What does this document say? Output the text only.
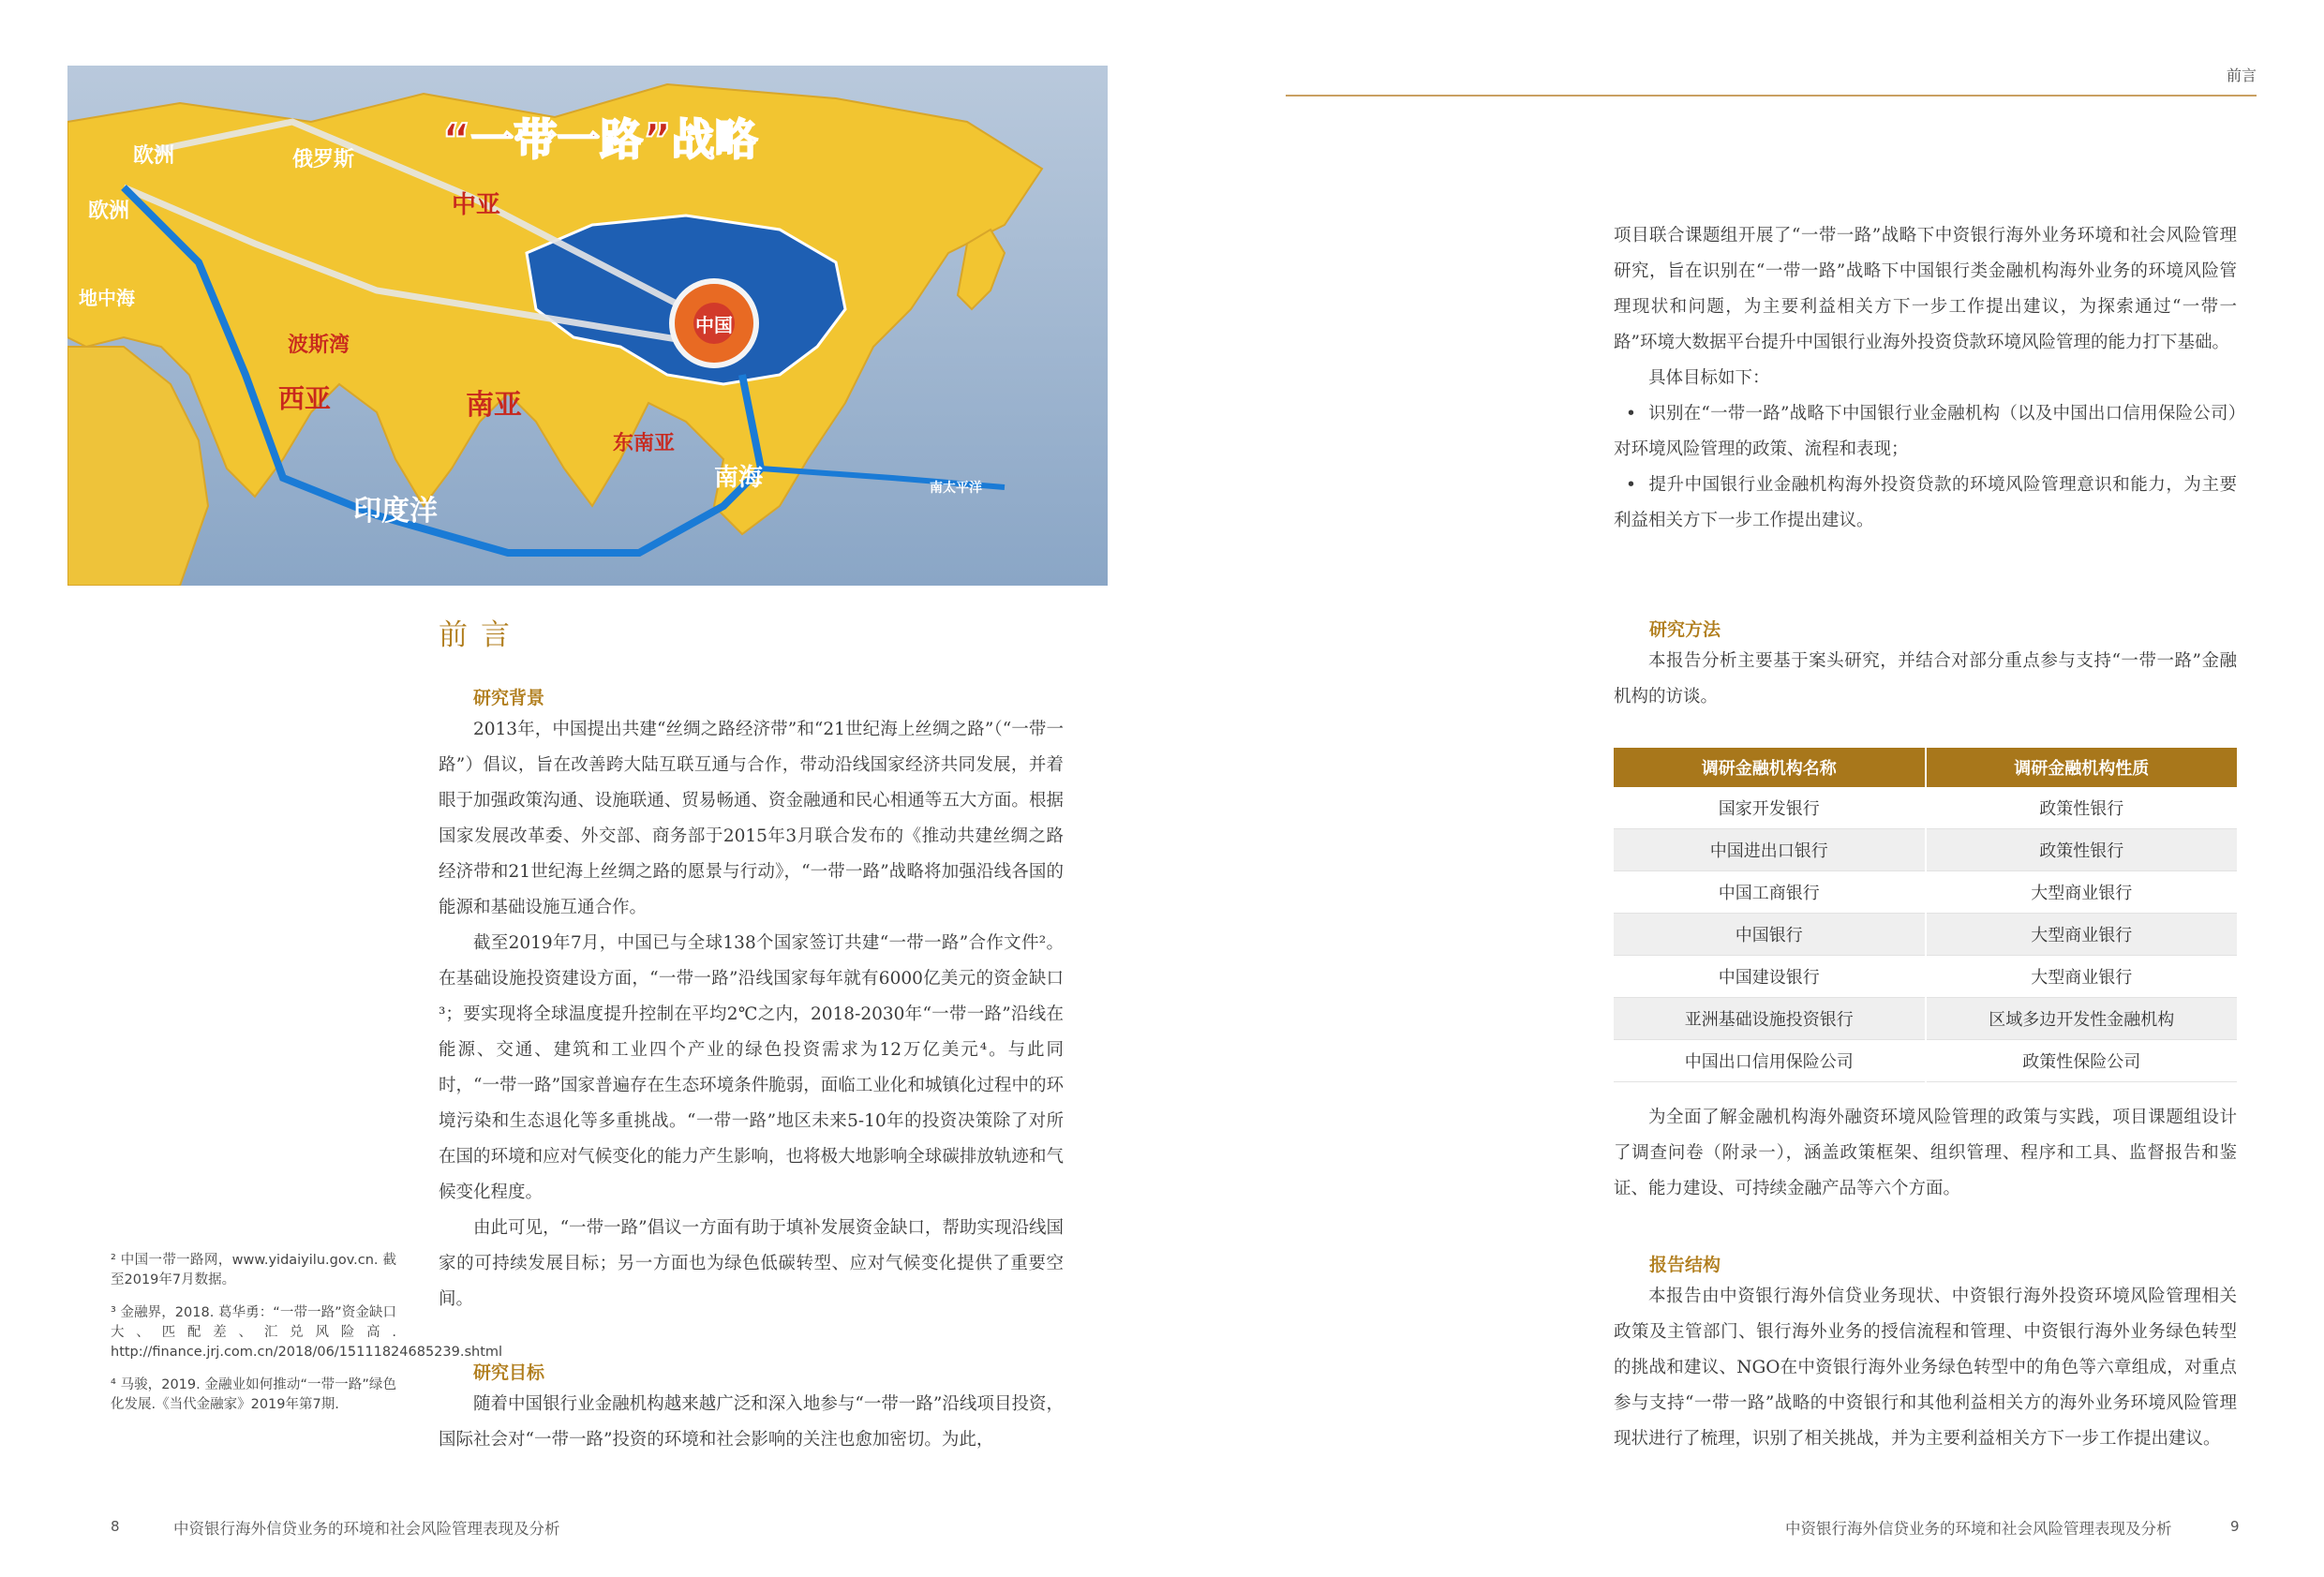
“一带一路”战略
欧洲	俄罗斯
中亚
欧洲
地中海
波斯湾
西亚	南亚
东南亚
中国
南海
印度洋
南太平洋
前言
研究背景

2013年，中国提出共建“丝绸之路经济带”和“21世纪海上丝绸之路”（“一带一路”）倡议，旨在改善跨大陆互联互通与合作，带动沿线国家经济共同发展，并着眼于加强政策沟通、设施联通、贸易畅通、资金融通和民心相通等五大方面。根据国家发展改革委、外交部、商务部于2015年3月联合发布的《推动共建丝绸之路经济带和21世纪海上丝绸之路的愿景与行动》，“一带一路”战略将加强沿线各国的能源和基础设施互通合作。

截至2019年7月，中国已与全球138个国家签订共建“一带一路”合作文件²。在基础设施投资建设方面，“一带一路”沿线国家每年就有6000亿美元的资金缺口³；要实现将全球温度提升控制在平均2℃之内，2018-2030年“一带一路”沿线在能源、交通、建筑和工业四个产业的绿色投资需求为12万亿美元⁴。与此同时，“一带一路”国家普遍存在生态环境条件脆弱，面临工业化和城镇化过程中的环境污染和生态退化等多重挑战。“一带一路”地区未来5-10年的投资决策除了对所在国的环境和应对气候变化的能力产生影响，也将极大地影响全球碳排放轨迹和气候变化程度。

由此可见，“一带一路”倡议一方面有助于填补发展资金缺口，帮助实现沿线国家的可持续发展目标；另一方面也为绿色低碳转型、应对气候变化提供了重要空间。

研究目标

随着中国银行业金融机构越来越广泛和深入地参与“一带一路”沿线项目投资，国际社会对“一带一路”投资的环境和社会影响的关注也愈加密切。为此，

² 中国一带一路网，www.yidaiyilu.gov.cn. 截至2019年7月数据。
³ 金融界，2018. 葛华勇：“一带一路”资金缺口大、匹配差、汇兑风险高. http://finance.jrj.com.cn/2018/06/15111824685239.shtml
⁴ 马骏，2019. 金融业如何推动“一带一路”绿色化发展.《当代金融家》2019年第7期.
8	中资银行海外信贷业务的环境和社会风险管理表现及分析
前言

项目联合课题组开展了“一带一路”战略下中资银行海外业务环境和社会风险管理研究，旨在识别在“一带一路”战略下中国银行类金融机构海外业务的环境风险管理现状和问题，为主要利益相关方下一步工作提出建议，为探索通过“一带一路”环境大数据平台提升中国银行业海外投资贷款环境风险管理的能力打下基础。

具体目标如下：

• 识别在“一带一路”战略下中国银行业金融机构（以及中国出口信用保险公司）对环境风险管理的政策、流程和表现；

• 提升中国银行业金融机构海外投资贷款的环境风险管理意识和能力，为主要利益相关方下一步工作提出建议。

研究方法

本报告分析主要基于案头研究，并结合对部分重点参与支持“一带一路”金融机构的访谈。

调研金融机构名称	调研金融机构性质
国家开发银行	政策性银行
中国进出口银行	政策性银行
中国工商银行	大型商业银行
中国银行	大型商业银行
中国建设银行	大型商业银行
亚洲基础设施投资银行	区域多边开发性金融机构
中国出口信用保险公司	政策性保险公司

为全面了解金融机构海外融资环境风险管理的政策与实践，项目课题组设计了调查问卷（附录一），涵盖政策框架、组织管理、程序和工具、监督报告和鉴证、能力建设、可持续金融产品等六个方面。

报告结构

本报告由中资银行海外信贷业务现状、中资银行海外投资环境风险管理相关政策及主管部门、银行海外业务的授信流程和管理、中资银行海外业务绿色转型的挑战和建议、NGO在中资银行海外业务绿色转型中的角色等六章组成，对重点参与支持“一带一路”战略的中资银行和其他利益相关方的海外业务环境风险管理现状进行了梳理，识别了相关挑战，并为主要利益相关方下一步工作提出建议。

中资银行海外信贷业务的环境和社会风险管理表现及分析	9
